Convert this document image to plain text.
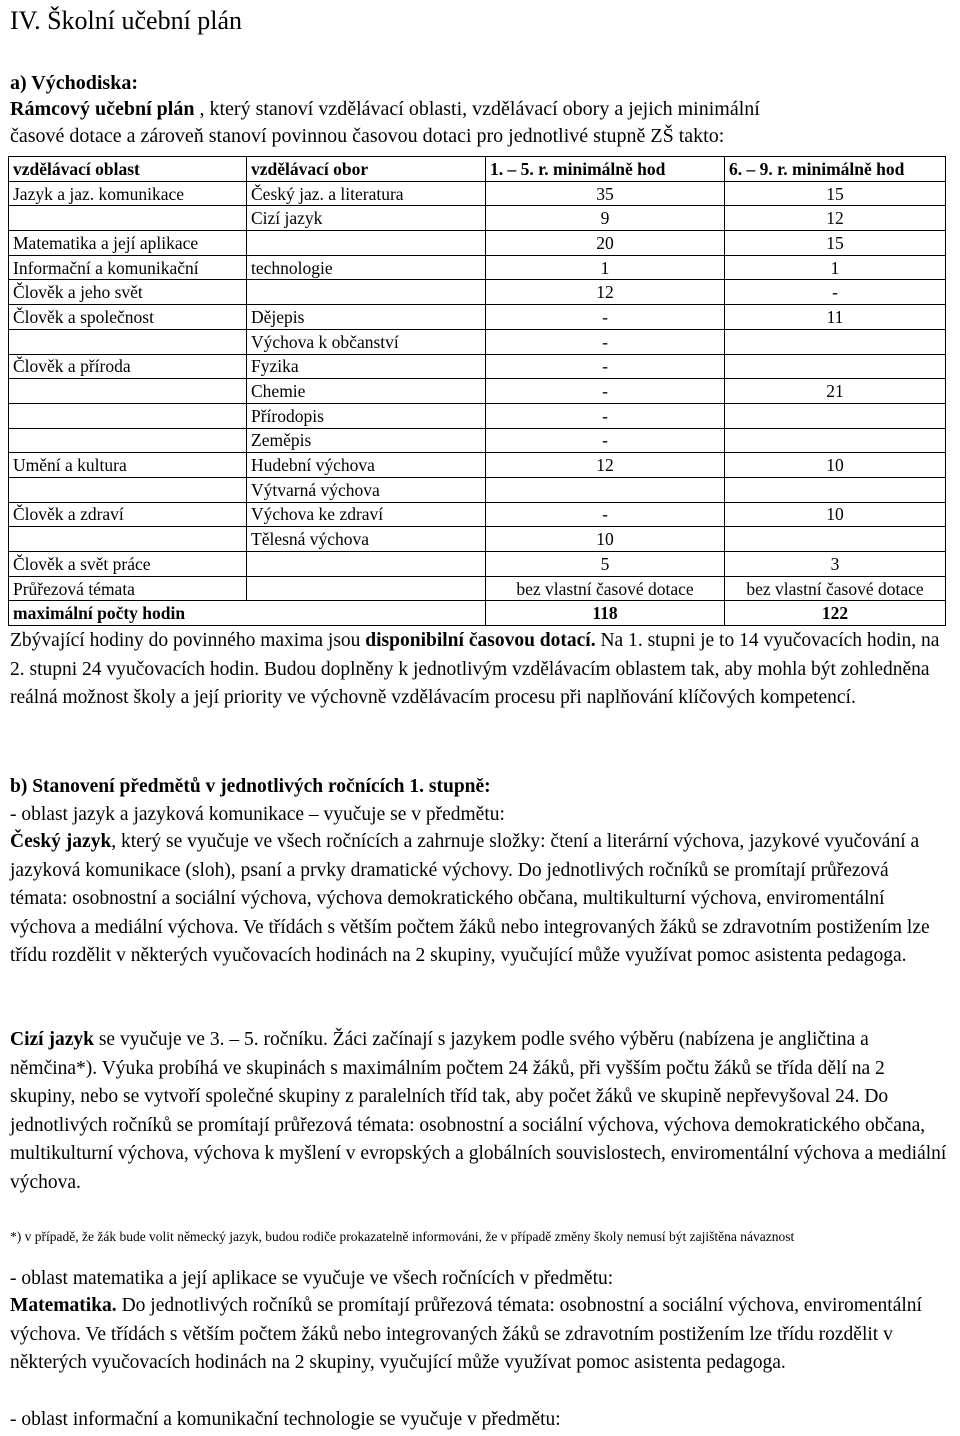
IV. Školní učební plán

a) Východiska:

Rámcový učební plán , který stanoví vzdělávací oblasti, vzdělávací obory a jejich minimální

časové dotace a zároveň stanoví povinnou časovou dotaci pro jednotlivé stupně ZŠ takto:

vzdělávací oblast	vzdělávací obor	1. – 5. r. minimálně hod	6. – 9. r. minimálně hod
Jazyk a jaz. komunikace	Český jaz. a literatura	35	15
	Cizí jazyk	9	12
Matematika a její aplikace		20	15
Informační a komunikační	technologie	1	1
Člověk a jeho svět		12	-
Člověk a společnost	Dějepis	-	11
	Výchova k občanství	-	
Člověk a příroda	Fyzika	-	
	Chemie	-	21
	Přírodopis	-	
	Zeměpis	-	
Umění a kultura	Hudební výchova	12	10
	Výtvarná výchova		
Člověk a zdraví	Výchova ke zdraví	-	10
	Tělesná výchova	10	
Člověk a svět práce		5	3
Průřezová témata		bez vlastní časové dotace	bez vlastní časové dotace
maximální počty hodin		118	122

Zbývající hodiny do povinného maxima jsou disponibilní časovou dotací. Na 1. stupni je to 14 vyučovacích hodin, na 2. stupni 24 vyučovacích hodin. Budou doplněny k jednotlivým vzdělávacím oblastem tak, aby mohla být zohledněna reálná možnost školy a její priority ve výchovně vzdělávacím procesu při naplňování klíčových kompetencí.

b) Stanovení předmětů v jednotlivých ročnících 1. stupně:

- oblast jazyk a jazyková komunikace – vyučuje se v předmětu:

Český jazyk, který se vyučuje ve všech ročnících a zahrnuje složky: čtení a literární výchova, jazykové vyučování a jazyková komunikace (sloh), psaní a prvky dramatické výchovy. Do jednotlivých ročníků se promítají průřezová témata: osobnostní a sociální výchova, výchova demokratického občana, multikulturní výchova, enviromentální výchova a mediální výchova. Ve třídách s větším počtem žáků nebo integrovaných žáků se zdravotním postižením lze třídu rozdělit v některých vyučovacích hodinách na 2 skupiny, vyučující může využívat pomoc asistenta pedagoga.

Cizí jazyk se vyučuje ve 3. – 5. ročníku. Žáci začínají s jazykem podle svého výběru (nabízena je angličtina a němčina*). Výuka probíhá ve skupinách s maximálním počtem 24 žáků, při vyšším počtu žáků se třída dělí na 2 skupiny, nebo se vytvoří společné skupiny z paralelních tříd tak, aby počet žáků ve skupině nepřevyšoval 24. Do jednotlivých ročníků se promítají průřezová témata: osobnostní a sociální výchova, výchova demokratického občana, multikulturní výchova, výchova k myšlení v evropských a globálních souvislostech, enviromentální výchova a mediální výchova.

*) v případě, že žák bude volit německý jazyk, budou rodiče prokazatelně informováni, že v případě změny školy nemusí být zajištěna návaznost

- oblast matematika a její aplikace se vyučuje ve všech ročnících v předmětu:

Matematika. Do jednotlivých ročníků se promítají průřezová témata: osobnostní a sociální výchova, enviromentální výchova. Ve třídách s větším počtem žáků nebo integrovaných žáků se zdravotním postižením lze třídu rozdělit v některých vyučovacích hodinách na 2 skupiny, vyučující může využívat pomoc asistenta pedagoga.

- oblast informační a komunikační technologie se vyučuje v předmětu:
